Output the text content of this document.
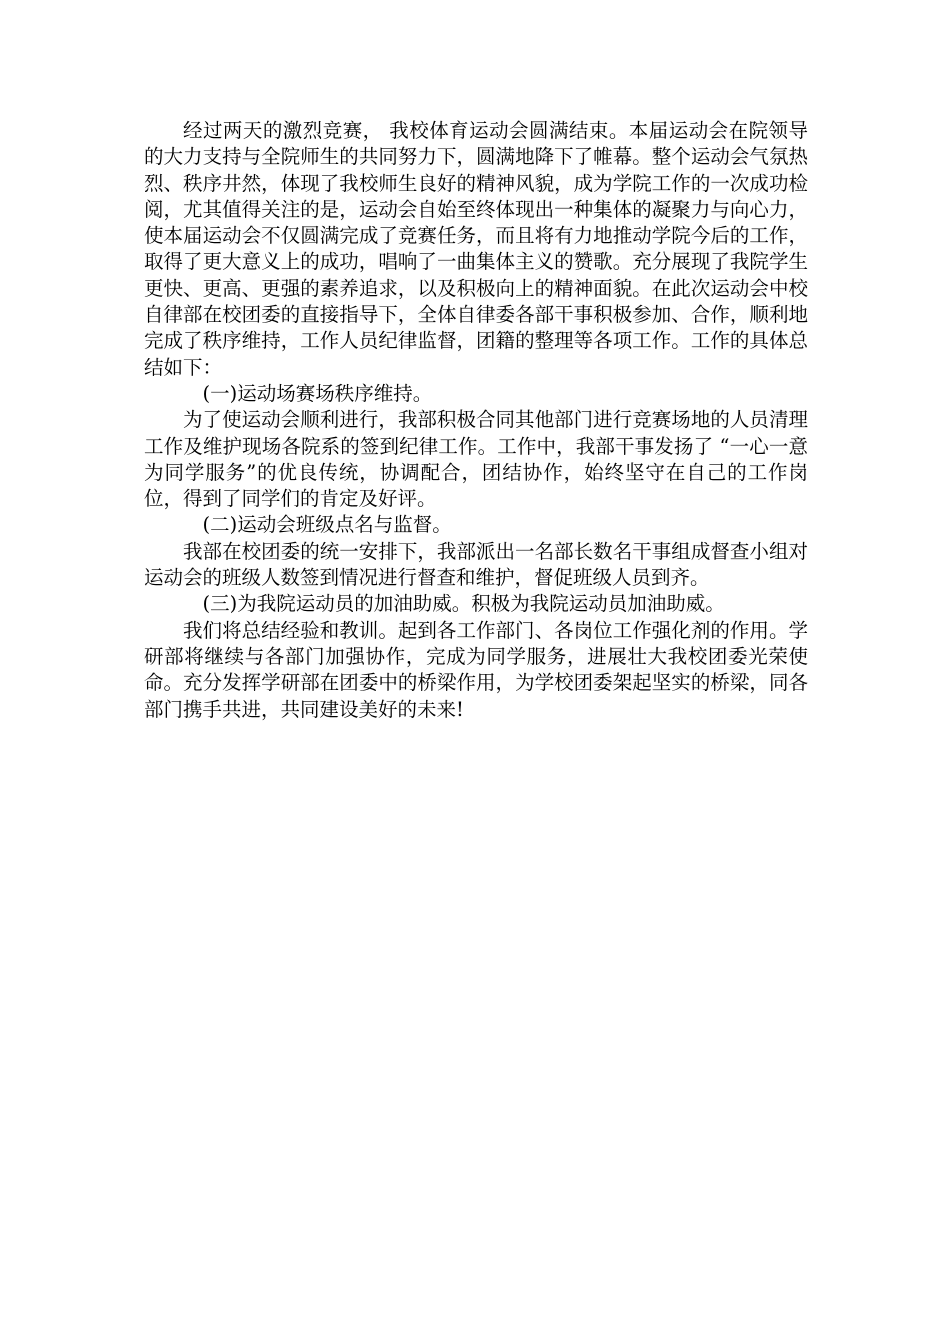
经过两天的激烈竞赛， 我校体育运动会圆满结束。本届运动会在院领导的大力支持与全院师生的共同努力下，圆满地降下了帷幕。整个运动会气氛热烈、秩序井然，体现了我校师生良好的精神风貌，成为学院工作的一次成功检阅，尤其值得关注的是，运动会自始至终体现出一种集体的凝聚力与向心力，使本届运动会不仅圆满完成了竞赛任务，而且将有力地推动学院今后的工作，取得了更大意义上的成功，唱响了一曲集体主义的赞歌。充分展现了我院学生更快、更高、更强的素养追求，以及积极向上的精神面貌。在此次运动会中校自律部在校团委的直接指导下，全体自律委各部干事积极参加、合作，顺利地完成了秩序维持，工作人员纪律监督，团籍的整理等各项工作。工作的具体总结如下：

(一)运动场赛场秩序维持。

为了使运动会顺利进行，我部积极合同其他部门进行竞赛场地的人员清理工作及维护现场各院系的签到纪律工作。工作中，我部干事发扬了 “一心一意为同学服务”的优良传统，协调配合，团结协作，始终坚守在自己的工作岗位，得到了同学们的肯定及好评。

(二)运动会班级点名与监督。

我部在校团委的统一安排下，我部派出一名部长数名干事组成督查小组对运动会的班级人数签到情况进行督查和维护，督促班级人员到齐。

(三)为我院运动员的加油助威。积极为我院运动员加油助威。

我们将总结经验和教训。起到各工作部门、各岗位工作强化剂的作用。学研部将继续与各部门加强协作，完成为同学服务，进展壮大我校团委光荣使命。充分发挥学研部在团委中的桥梁作用，为学校团委架起坚实的桥梁，同各部门携手共进，共同建设美好的未来!
